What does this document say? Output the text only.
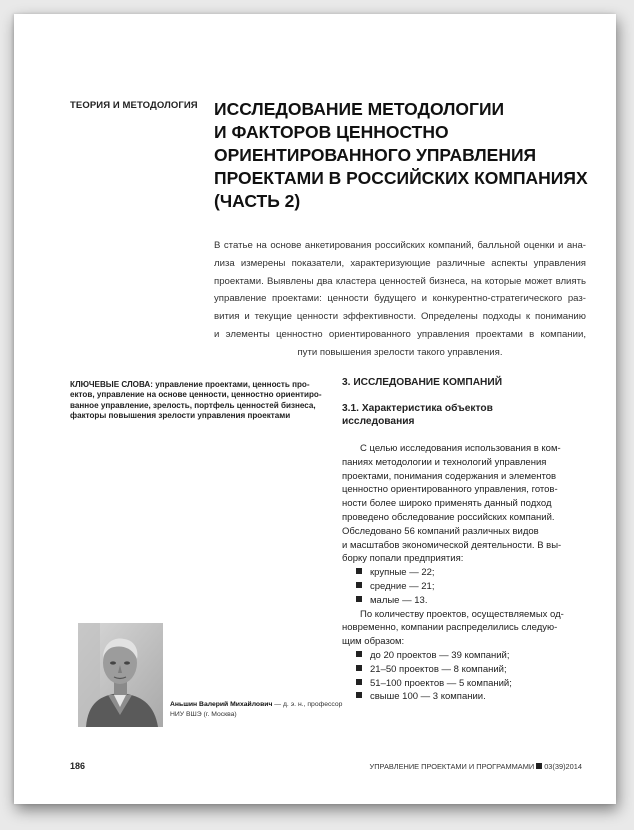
ТЕОРИЯ И МЕТОДОЛОГИЯ ИССЛЕДОВАНИЕ МЕТОДОЛОГИИ
И ФАКТОРОВ ЦЕННОСТНО
ОРИЕНТИРОВАННОГО УПРАВЛЕНИЯ
ПРОЕКТАМИ В РОССИЙСКИХ КОМПАНИЯХ
(ЧАСТЬ 2)
В статье на основе анкетирования российских компаний, балльной оценки и ана-
лиза измерены показатели, характеризующие различные аспекты управления
проектами. Выявлены два кластера ценностей бизнеса, на которые может влиять
управление проектами: ценности будущего и конкурентно-стратегического раз-
вития и текущие ценности эффективности. Определены подходы к пониманию
и элементы ценностно ориентированного управления проектами в компании,
пути повышения зрелости такого управления.
КЛЮЧЕВЫЕ СЛОВА: управление проектами, ценность про-
ектов, управление на основе ценности, ценностно ориентиро-
ванное управление, зрелость, портфель ценностей бизнеса,
факторы повышения зрелости управления проектами
3. ИССЛЕДОВАНИЕ КОМПАНИЙ
3.1. Характеристика объектов
исследования
С целью исследования использования в ком-
паниях методологии и технологий управления
проектами, понимания содержания и элементов
ценностно ориентированного управления, готов-
ности более широко применять данный подход
проведено обследование российских компаний.
Обследовано 56 компаний различных видов
и масштабов экономической деятельности. В вы-
борку попали предприятия:
крупные — 22;
средние — 21;
малые — 13.
По количеству проектов, осуществляемых од-
новременно, компании распределились следую-
щим образом:
до 20 проектов — 39 компаний;
21–50 проектов — 8 компаний;
51–100 проектов — 5 компаний;
свыше 100 — 3 компании.
Аньшин Валерий Михайлович — д. э. н., профессор
НИУ ВШЭ (г. Москва)
186	УПРАВЛЕНИЕ ПРОЕКТАМИ И ПРОГРАММАМИ 03(39)2014
